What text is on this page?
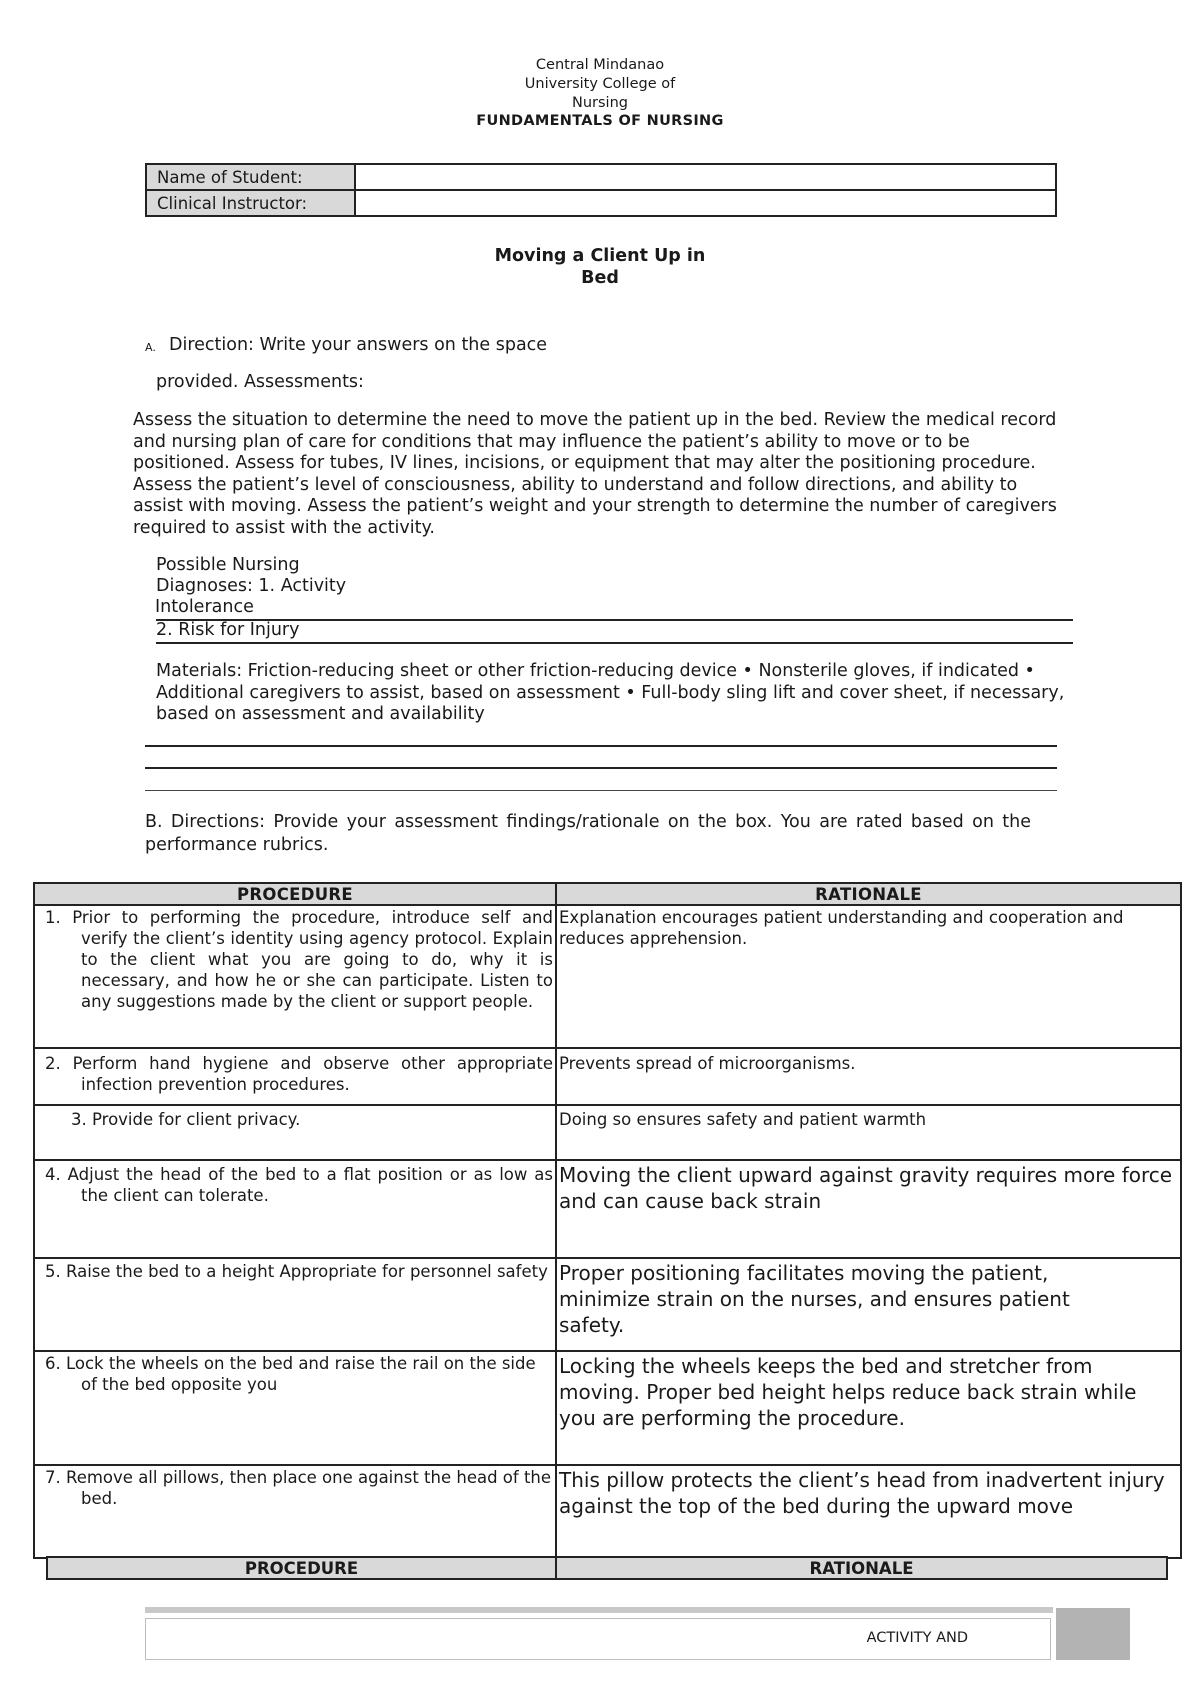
Central Mindanao
University College of
Nursing
FUNDAMENTALS OF NURSING
Name of Student:	
Clinical Instructor:	
Moving a Client Up in
Bed
A. Direction: Write your answers on the space
provided. Assessments:
Assess the situation to determine the need to move the patient up in the bed. Review the medical record and nursing plan of care for conditions that may influence the patient’s ability to move or to be positioned. Assess for tubes, IV lines, incisions, or equipment that may alter the positioning procedure. Assess the patient’s level of consciousness, ability to understand and follow directions, and ability to assist with moving. Assess the patient’s weight and your strength to determine the number of caregivers required to assist with the activity.
Possible Nursing
Diagnoses: 1. Activity
Intolerance
2. Risk for Injury
Materials: Friction-reducing sheet or other friction-reducing device • Nonsterile gloves, if indicated • Additional caregivers to assist, based on assessment • Full-body sling lift and cover sheet, if necessary, based on assessment and availability
B. Directions: Provide your assessment findings/rationale on the box. You are rated based on the performance rubrics.
PROCEDURE	RATIONALE

1. Prior to performing the procedure, introduce self and verify the client’s identity using agency protocol. Explain to the client what you are going to do, why it is necessary, and how he or she can participate. Listen to any suggestions made by the client or support people.	Explanation encourages patient understanding and cooperation and reduces apprehension.

2. Perform hand hygiene and observe other appropriate infection prevention procedures.	Prevents spread of microorganisms.

3. Provide for client privacy.	Doing so ensures safety and patient warmth

4. Adjust the head of the bed to a flat position or as low as the client can tolerate.	Moving the client upward against gravity requires more force and can cause back strain

5. Raise the bed to a height Appropriate for personnel safety	Proper positioning facilitates moving the patient, minimize strain on the nurses, and ensures patient safety.

6. Lock the wheels on the bed and raise the rail on the side of the bed opposite you	Locking the wheels keeps the bed and stretcher from moving. Proper bed height helps reduce back strain while you are performing the procedure.

7. Remove all pillows, then place one against the head of the bed.	This pillow protects the client’s head from inadvertent injury against the top of the bed during the upward move
PROCEDURE	RATIONALE
ACTIVITY AND
